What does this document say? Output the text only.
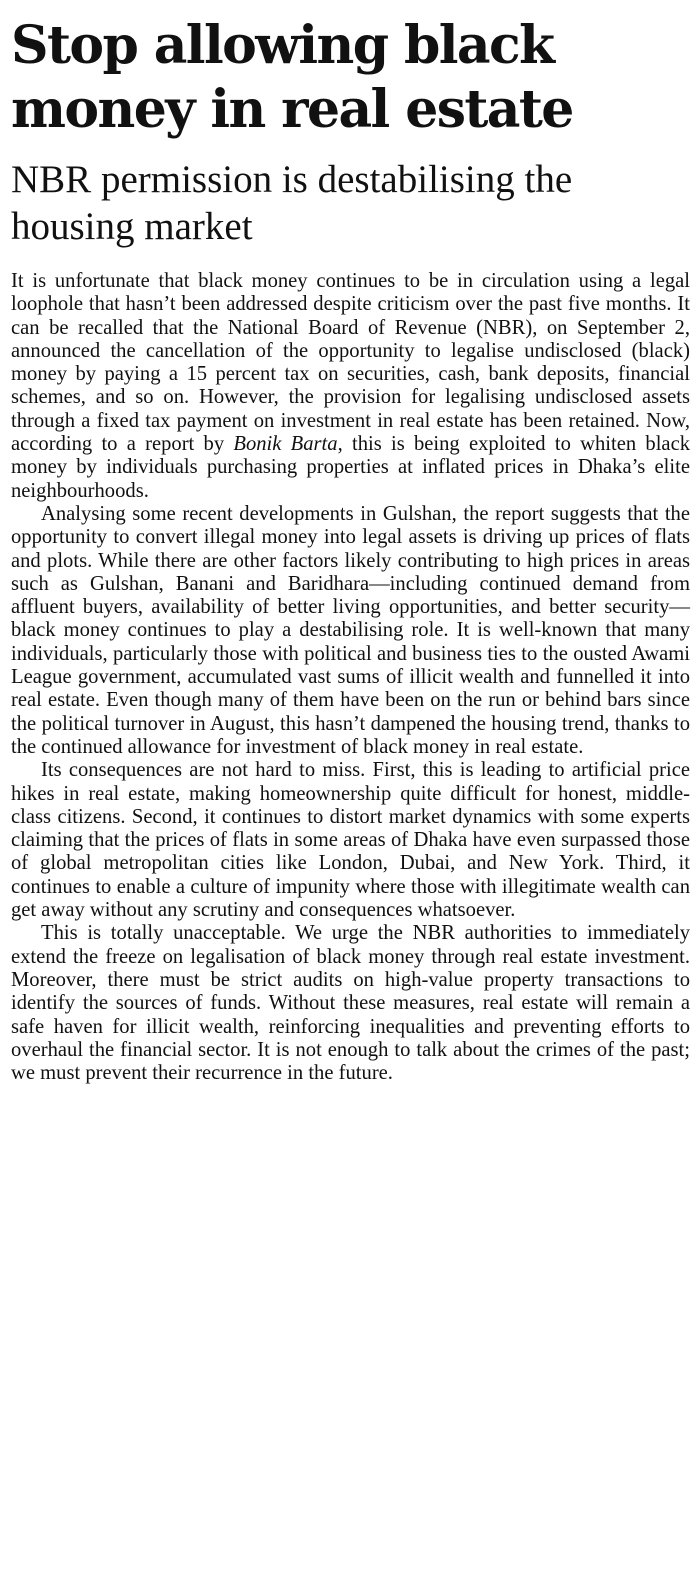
Stop allowing black money in real estate
NBR permission is destabilising the housing market

It is unfortunate that black money continues to be in circulation using a legal loophole that hasn’t been addressed despite criticism over the past five months. It can be recalled that the National Board of Revenue (NBR), on September 2, announced the cancellation of the opportunity to legalise undisclosed (black) money by paying a 15 percent tax on securities, cash, bank deposits, financial schemes, and so on. However, the provision for legalising undisclosed assets through a fixed tax payment on investment in real estate has been retained. Now, according to a report by Bonik Barta, this is being exploited to whiten black money by individuals purchasing properties at inflated prices in Dhaka’s elite neighbourhoods.

Analysing some recent developments in Gulshan, the report suggests that the opportunity to convert illegal money into legal assets is driving up prices of flats and plots. While there are other factors likely contributing to high prices in areas such as Gulshan, Banani and Baridhara—including continued demand from affluent buyers, availability of better living opportunities, and better security—black money continues to play a destabilising role. It is well-known that many individuals, particularly those with political and business ties to the ousted Awami League government, accumulated vast sums of illicit wealth and funnelled it into real estate. Even though many of them have been on the run or behind bars since the political turnover in August, this hasn’t dampened the housing trend, thanks to the continued allowance for investment of black money in real estate.

Its consequences are not hard to miss. First, this is leading to artificial price hikes in real estate, making homeownership quite difficult for honest, middle-class citizens. Second, it continues to distort market dynamics with some experts claiming that the prices of flats in some areas of Dhaka have even surpassed those of global metropolitan cities like London, Dubai, and New York. Third, it continues to enable a culture of impunity where those with illegitimate wealth can get away without any scrutiny and consequences whatsoever.

This is totally unacceptable. We urge the NBR authorities to immediately extend the freeze on legalisation of black money through real estate investment. Moreover, there must be strict audits on high-value property transactions to identify the sources of funds. Without these measures, real estate will remain a safe haven for illicit wealth, reinforcing inequalities and preventing efforts to overhaul the financial sector. It is not enough to talk about the crimes of the past; we must prevent their recurrence in the future.
